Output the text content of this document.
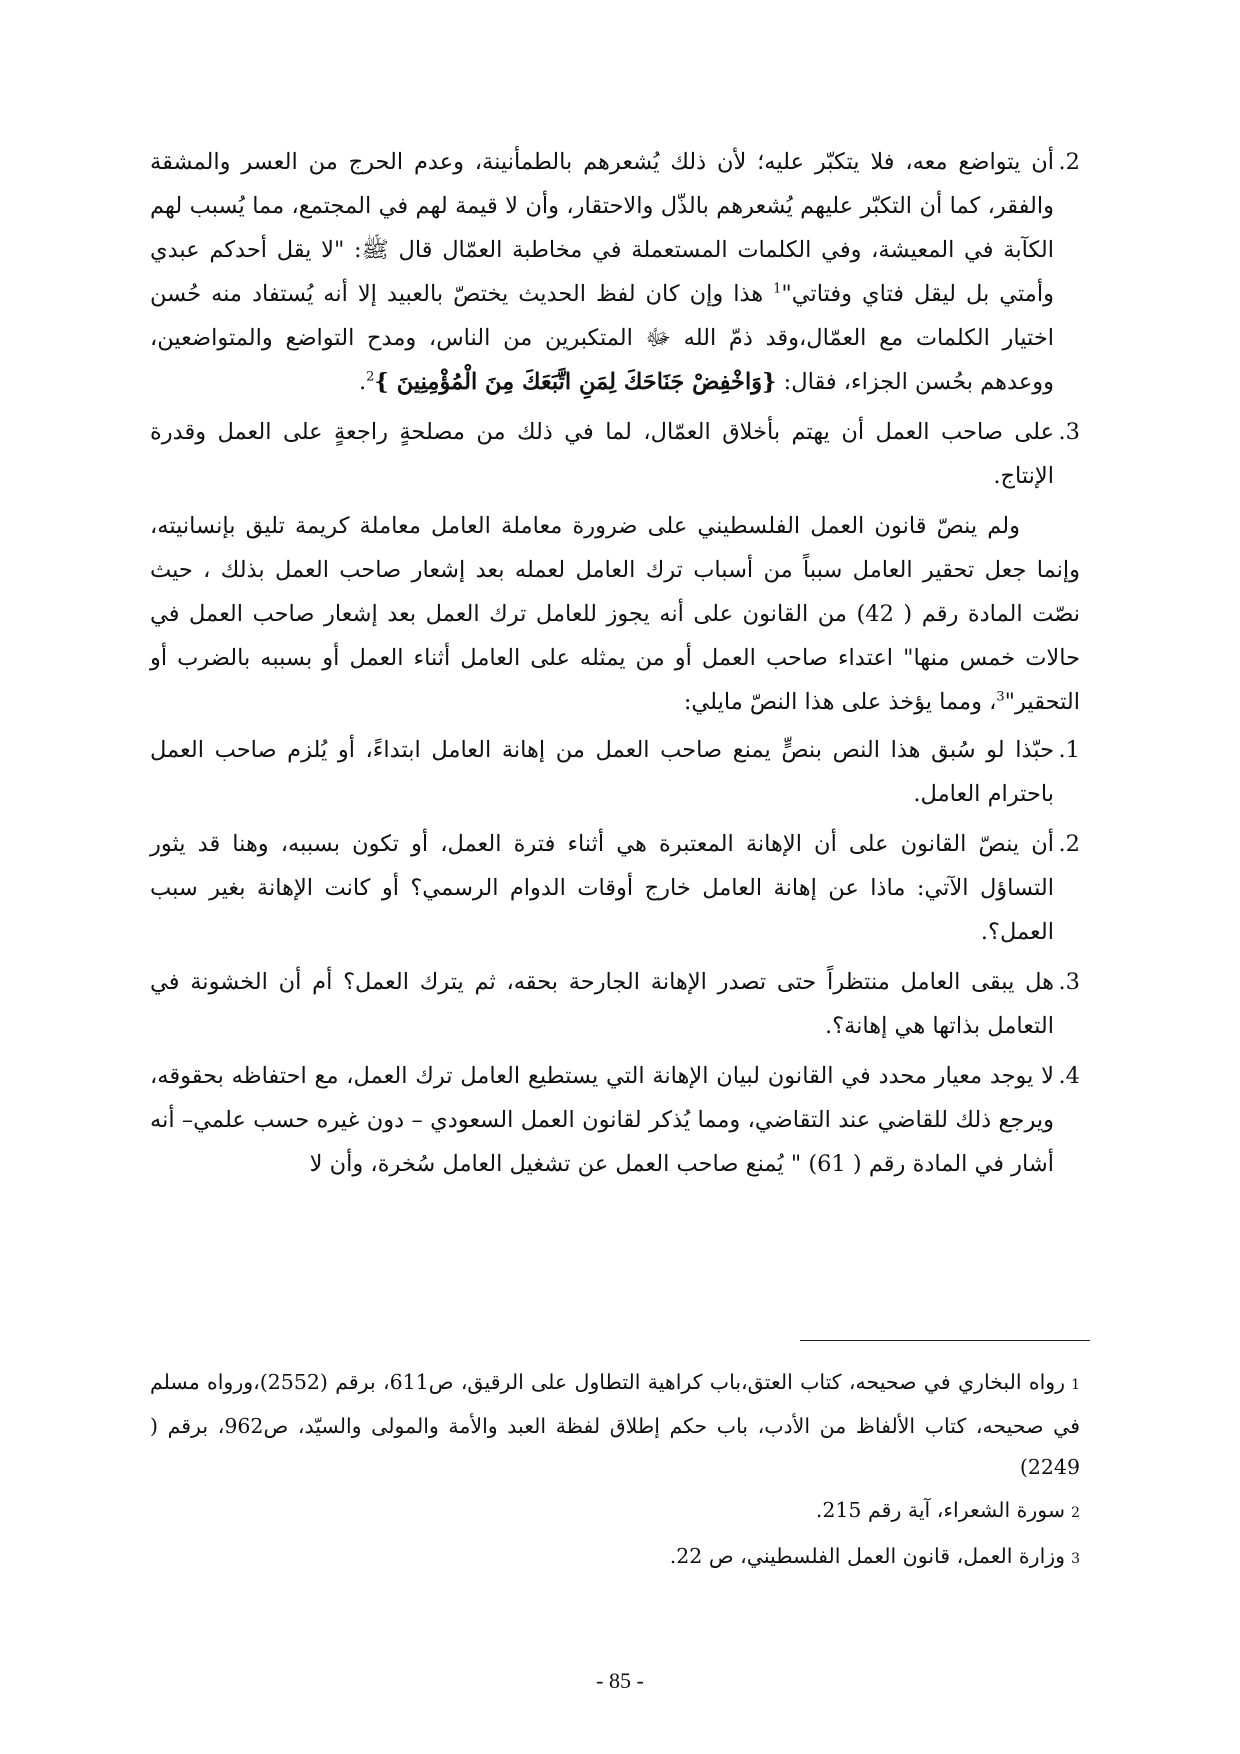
2.

أن يتواضع معه، فلا يتكبّر عليه؛ لأن ذلك يُشعرهم بالطمأنينة، وعدم الحرج من العسر والمشقة والفقر، كما أن التكبّر عليهم يُشعرهم بالذّل والاحتقار، وأن لا قيمة لهم في المجتمع، مما يُسبب لهم الكآبة في المعيشة، وفي الكلمات المستعملة في مخاطبة العمّال قال ﷺ: "لا يقل أحدكم عبدي وأمتي بل ليقل فتاي وفتاتي"$^1$ هذا وإن كان لفظ الحديث يختصّ بالعبيد إلا أنه يُستفاد منه حُسن اختيار الكلمات مع العمّال،وقد ذمّ الله ﷻ المتكبرين من الناس، ومدح التواضع والمتواضعين، ووعدهم بحُسن الجزاء، فقال: {وَاخْفِضْ جَنَاحَكَ لِمَنِ اتَّبَعَكَ مِنَ الْمُؤْمِنِينَ }$^2$.

3.

على صاحب العمل أن يهتم بأخلاق العمّال، لما في ذلك من مصلحةٍ راجعةٍ على العمل وقدرة الإنتاج.

ولم ينصّ قانون العمل الفلسطيني على ضرورة معاملة العامل معاملة كريمة تليق بإنسانيته، وإنما جعل تحقير العامل سبباً من أسباب ترك العامل لعمله بعد إشعار صاحب العمل بذلك ، حيث نصّت المادة رقم ( 42) من القانون على أنه يجوز للعامل ترك العمل بعد إشعار صاحب العمل في حالات خمس منها" اعتداء صاحب العمل أو من يمثله على العامل أثناء العمل أو بسببه بالضرب أو التحقير"$^3$، ومما يؤخذ على هذا النصّ مايلي:

1.

حبّذا لو سُبق هذا النص بنصٍّ يمنع صاحب العمل من إهانة العامل ابتداءً، أو يُلزم صاحب العمل باحترام العامل.

2.

أن ينصّ القانون على أن الإهانة المعتبرة هي أثناء فترة العمل، أو تكون بسببه، وهنا قد يثور التساؤل الآتي: ماذا عن إهانة العامل خارج أوقات الدوام الرسمي؟ أو كانت الإهانة بغير سبب العمل؟.

3.

هل يبقى العامل منتظراً حتى تصدر الإهانة الجارحة بحقه، ثم يترك العمل؟ أم أن الخشونة في التعامل بذاتها هي إهانة؟.

4.

لا يوجد معيار محدد في القانون لبيان الإهانة التي يستطيع العامل ترك العمل، مع احتفاظه بحقوقه، ويرجع ذلك للقاضي عند التقاضي، ومما يُذكر لقانون العمل السعودي – دون غيره حسب علمي– أنه أشار في المادة رقم ( 61) " يُمنع صاحب العمل عن تشغيل العامل سُخرة، وأن لا

1رواه البخاري في صحيحه، كتاب العتق،باب كراهية التطاول على الرقيق، ص611، برقم (2552)،ورواه مسلم في صحيحه، كتاب الألفاظ من الأدب، باب حكم إطلاق لفظة العبد والأمة والمولى والسيّد، ص962، برقم ( 2249)

2سورة الشعراء، آية رقم 215.

3وزارة العمل، قانون العمل الفلسطيني، ص 22.

- 85 -
